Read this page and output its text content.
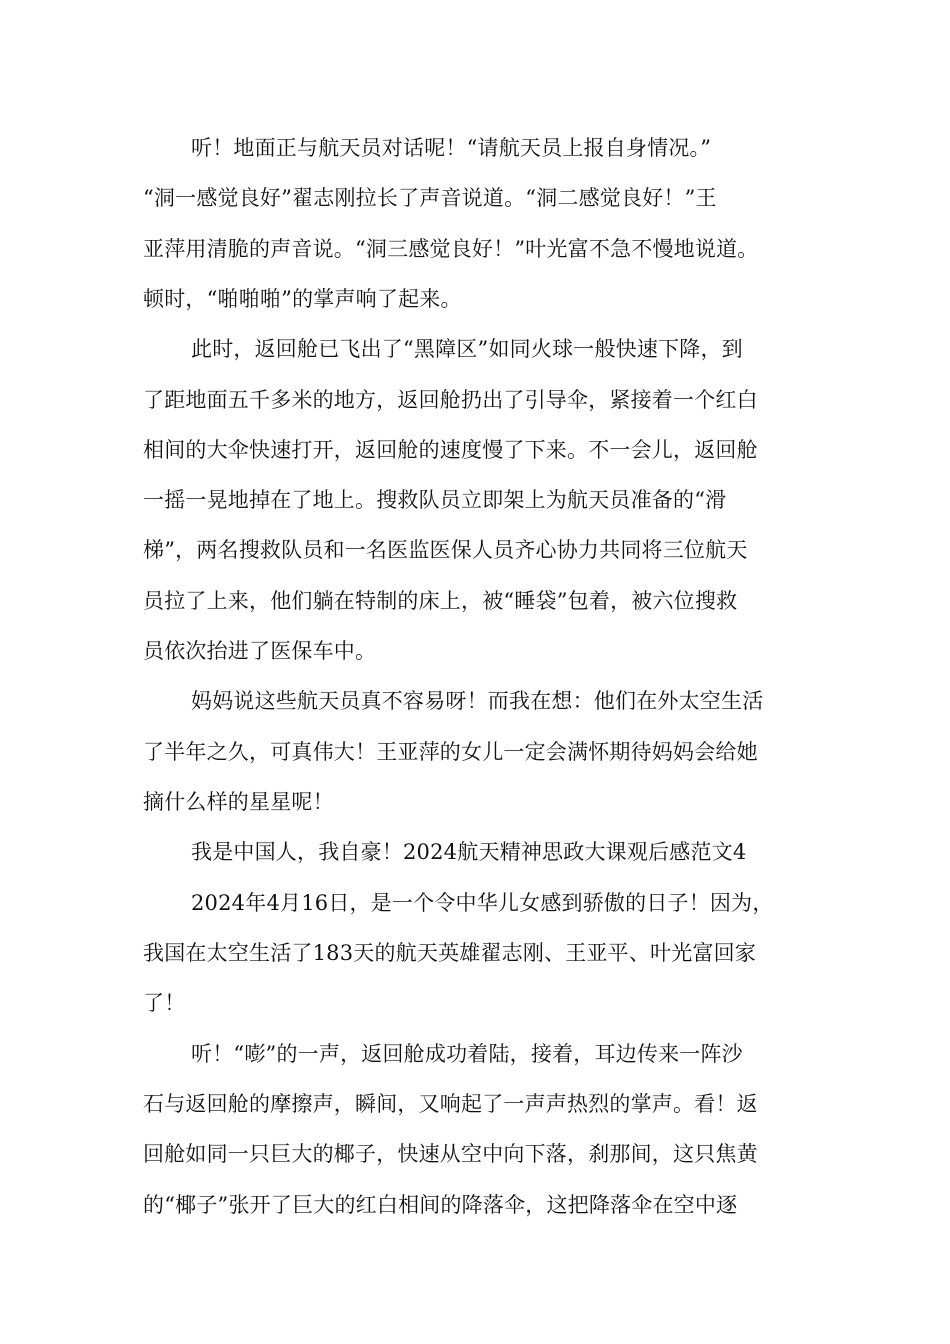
听！地面正与航天员对话呢！“请航天员上报自身情况。”
“洞一感觉良好”翟志刚拉长了声音说道。“洞二感觉良好！”王
亚萍用清脆的声音说。“洞三感觉良好！”叶光富不急不慢地说道。
顿时，“啪啪啪”的掌声响了起来。
此时，返回舱已飞出了“黑障区”如同火球一般快速下降，到
了距地面五千多米的地方，返回舱扔出了引导伞，紧接着一个红白
相间的大伞快速打开，返回舱的速度慢了下来。不一会儿，返回舱
一摇一晃地掉在了地上。搜救队员立即架上为航天员准备的“滑
梯”，两名搜救队员和一名医监医保人员齐心协力共同将三位航天
员拉了上来，他们躺在特制的床上，被“睡袋”包着，被六位搜救
员依次抬进了医保车中。
妈妈说这些航天员真不容易呀！而我在想：他们在外太空生活
了半年之久，可真伟大！王亚萍的女儿一定会满怀期待妈妈会给她
摘什么样的星星呢！
我是中国人，我自豪！2024航天精神思政大课观后感范文4
2024年4月16日，是一个令中华儿女感到骄傲的日子！因为，
我国在太空生活了183天的航天英雄翟志刚、王亚平、叶光富回家
了！
听！“嘭”的一声，返回舱成功着陆，接着，耳边传来一阵沙
石与返回舱的摩擦声，瞬间，又响起了一声声热烈的掌声。看！返
回舱如同一只巨大的椰子，快速从空中向下落，刹那间，这只焦黄
的“椰子”张开了巨大的红白相间的降落伞，这把降落伞在空中逐
